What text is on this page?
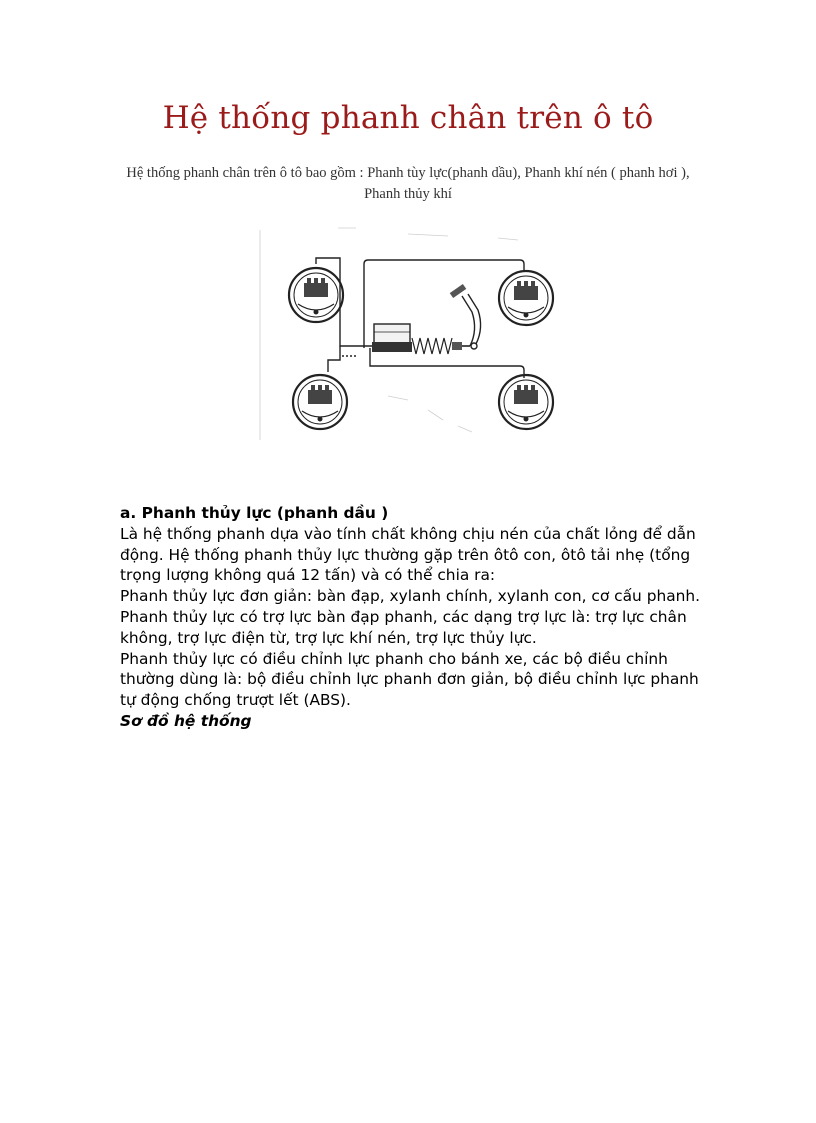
Hệ thống phanh chân trên ô tô

Hệ thống phanh chân trên ô tô bao gồm : Phanh tùy lực(phanh dầu), Phanh khí nén ( phanh hơi ), Phanh thủy khí

a. Phanh thủy lực (phanh dầu )

Là hệ thống phanh dựa vào tính chất không chịu nén của chất lỏng để dẫn động. Hệ thống phanh thủy lực thường gặp trên ôtô con, ôtô tải nhẹ (tổng trọng lượng không quá 12 tấn) và có thể chia ra:

Phanh thủy lực đơn giản: bàn đạp, xylanh chính, xylanh con, cơ cấu phanh.

Phanh thủy lực có trợ lực bàn đạp phanh, các dạng trợ lực là: trợ lực chân không, trợ lực điện từ, trợ lực khí nén, trợ lực thủy lực.

Phanh thủy lực có điều chỉnh lực phanh cho bánh xe, các bộ điều chỉnh thường dùng là: bộ điều chỉnh lực phanh đơn giản, bộ điều chỉnh lực phanh tự động chống trượt lết (ABS).

Sơ đồ hệ thống
